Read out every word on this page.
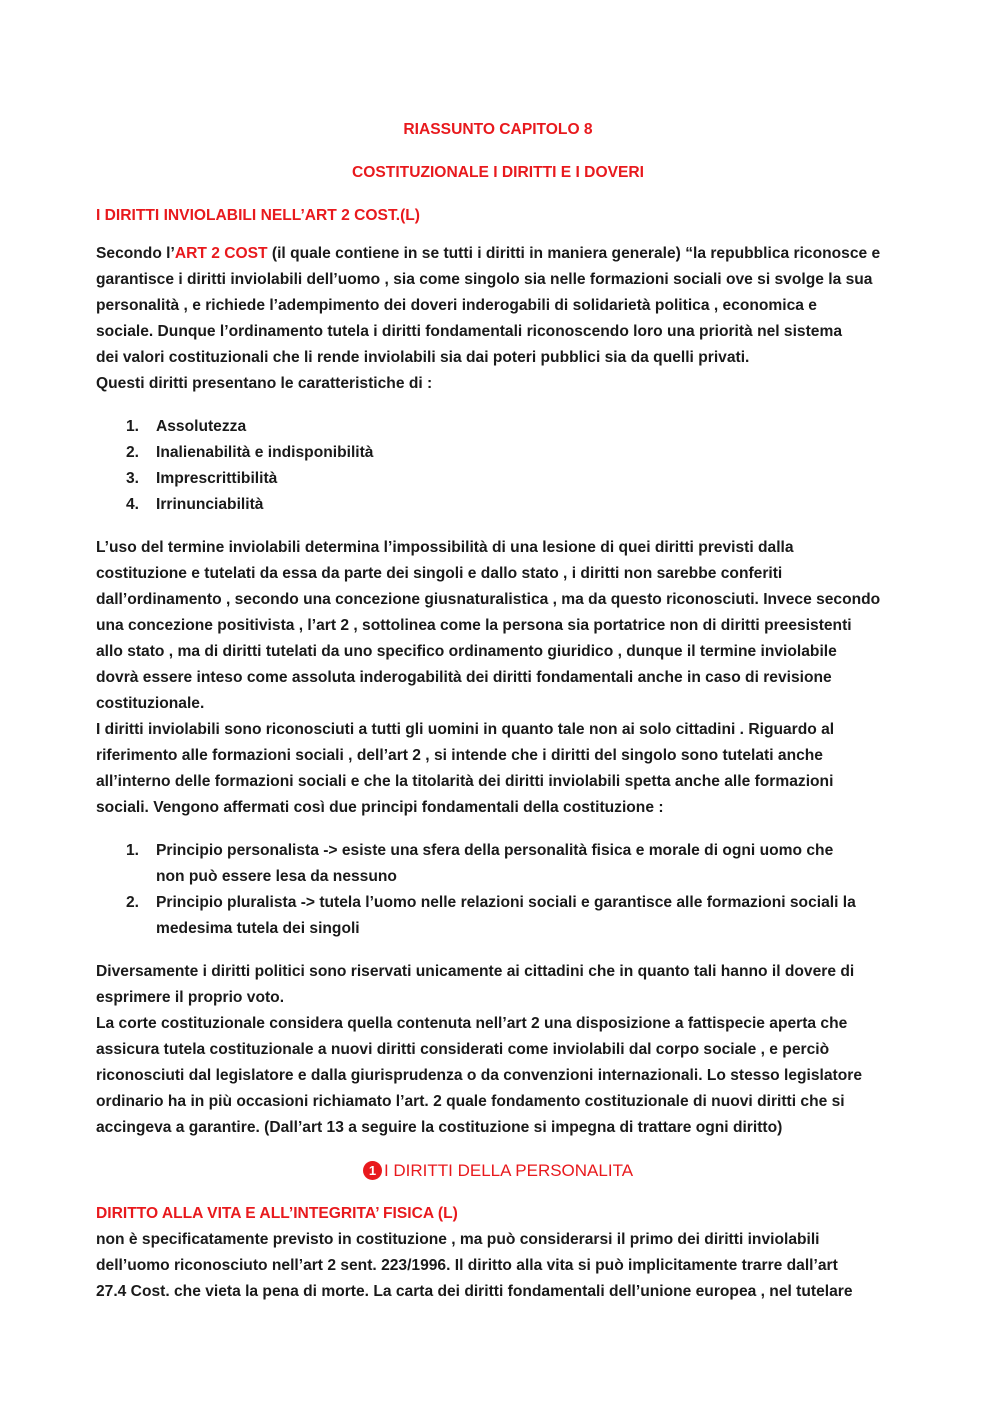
RIASSUNTO CAPITOLO 8

COSTITUZIONALE I DIRITTI E I DOVERI

I DIRITTI INVIOLABILI NELL’ART 2 COST.(L)

Secondo l’ART 2 COST (il quale contiene in se tutti i diritti in maniera generale) “la repubblica riconosce e

garantisce i diritti inviolabili dell’uomo , sia come singolo sia nelle formazioni sociali ove si svolge la sua

personalità , e richiede l’adempimento dei doveri inderogabili di solidarietà politica , economica e

sociale. Dunque l’ordinamento tutela i diritti fondamentali riconoscendo loro una priorità nel sistema

dei valori costituzionali che li rende inviolabili sia dai poteri pubblici sia da quelli privati.

Questi diritti presentano le caratteristiche di :

1. Assolutezza
2. Inalienabilità e indisponibilità
3. Imprescrittibilità
4. Irrinunciabilità

L’uso del termine inviolabili determina l’impossibilità di una lesione di quei diritti previsti dalla

costituzione e tutelati da essa da parte dei singoli e dallo stato , i diritti non sarebbe conferiti

dall’ordinamento , secondo una concezione giusnaturalistica , ma da questo riconosciuti. Invece secondo

una concezione positivista , l’art 2 , sottolinea come la persona sia portatrice non di diritti preesistenti

allo stato , ma di diritti tutelati da uno specifico ordinamento giuridico , dunque il termine inviolabile

dovrà essere inteso come assoluta inderogabilità dei diritti fondamentali anche in caso di revisione

costituzionale.

I diritti inviolabili sono riconosciuti a tutti gli uomini in quanto tale non ai solo cittadini . Riguardo al

riferimento alle formazioni sociali , dell’art 2 , si intende che i diritti del singolo sono tutelati anche

all’interno delle formazioni sociali e che la titolarità dei diritti inviolabili spetta anche alle formazioni

sociali. Vengono affermati così due principi fondamentali della costituzione :

1. Principio personalista -> esiste una sfera della personalità fisica e morale di ogni uomo che
non può essere lesa da nessuno
2. Principio pluralista -> tutela l’uomo nelle relazioni sociali e garantisce alle formazioni sociali la
medesima tutela dei singoli

Diversamente i diritti politici sono riservati unicamente ai cittadini che in quanto tali hanno il dovere di

esprimere il proprio voto.

La corte costituzionale considera quella contenuta nell’art 2 una disposizione a fattispecie aperta che

assicura tutela costituzionale a nuovi diritti considerati come inviolabili dal corpo sociale , e perciò

riconosciuti dal legislatore e dalla giurisprudenza o da convenzioni internazionali. Lo stesso legislatore

ordinario ha in più occasioni richiamato l’art. 2 quale fondamento costituzionale di nuovi diritti che si

accingeva a garantire. (Dall’art 13 a seguire la costituzione si impegna di trattare ogni diritto)

1 I DIRITTI DELLA PERSONALITA

DIRITTO ALLA VITA E ALL’INTEGRITA’ FISICA (L)

non è specificatamente previsto in costituzione , ma può considerarsi il primo dei diritti inviolabili

dell’uomo riconosciuto nell’art 2 sent. 223/1996. Il diritto alla vita si può implicitamente trarre dall’art

27.4 Cost. che vieta la pena di morte. La carta dei diritti fondamentali dell’unione europea , nel tutelare
